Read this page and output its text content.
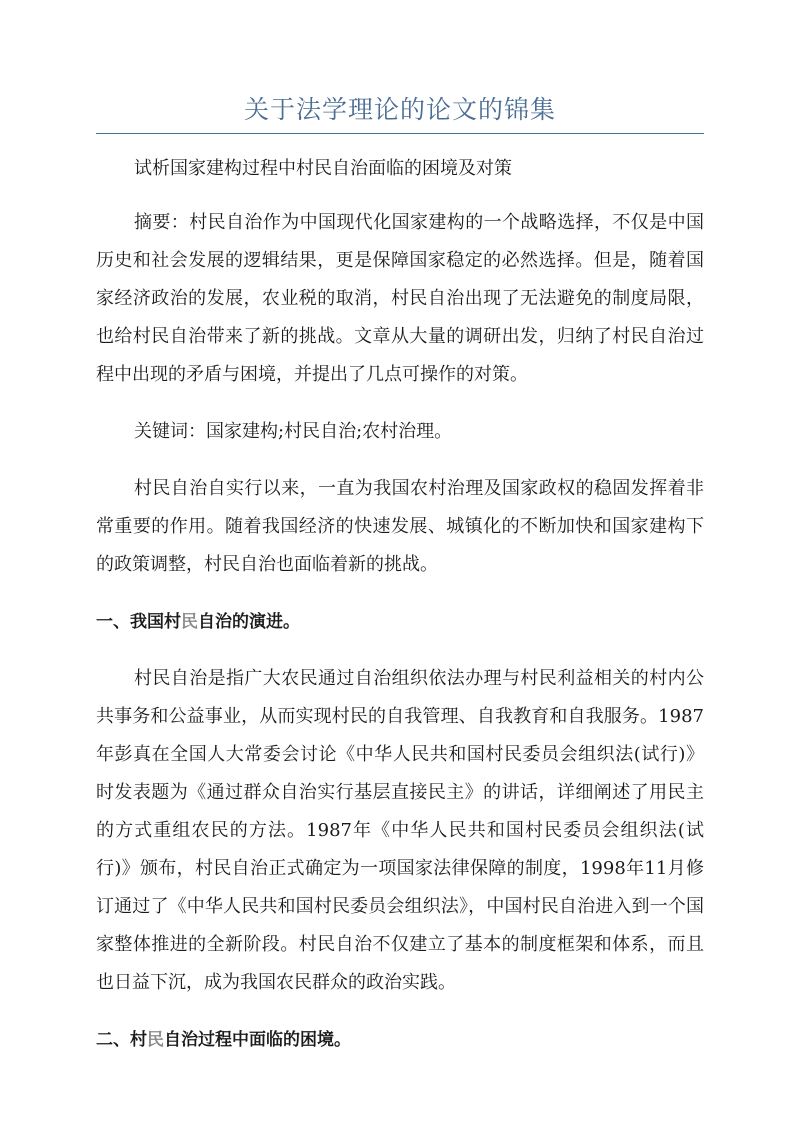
关于法学理论的论文的锦集

试析国家建构过程中村民自治面临的困境及对策

摘要：村民自治作为中国现代化国家建构的一个战略选择，不仅是中国历史和社会发展的逻辑结果，更是保障国家稳定的必然选择。但是，随着国家经济政治的发展，农业税的取消，村民自治出现了无法避免的制度局限，也给村民自治带来了新的挑战。文章从大量的调研出发，归纳了村民自治过程中出现的矛盾与困境，并提出了几点可操作的对策。

关键词：国家建构;村民自治;农村治理。

村民自治自实行以来，一直为我国农村治理及国家政权的稳固发挥着非常重要的作用。随着我国经济的快速发展、城镇化的不断加快和国家建构下的政策调整，村民自治也面临着新的挑战。

一、我国村民自治的演进。

村民自治是指广大农民通过自治组织依法办理与村民利益相关的村内公共事务和公益事业，从而实现村民的自我管理、自我教育和自我服务。1987年彭真在全国人大常委会讨论《中华人民共和国村民委员会组织法(试行)》时发表题为《通过群众自治实行基层直接民主》的讲话，详细阐述了用民主的方式重组农民的方法。1987年《中华人民共和国村民委员会组织法(试行)》颁布，村民自治正式确定为一项国家法律保障的制度，1998年11月修订通过了《中华人民共和国村民委员会组织法》，中国村民自治进入到一个国家整体推进的全新阶段。村民自治不仅建立了基本的制度框架和体系，而且也日益下沉，成为我国农民群众的政治实践。

二、村民自治过程中面临的困境。
